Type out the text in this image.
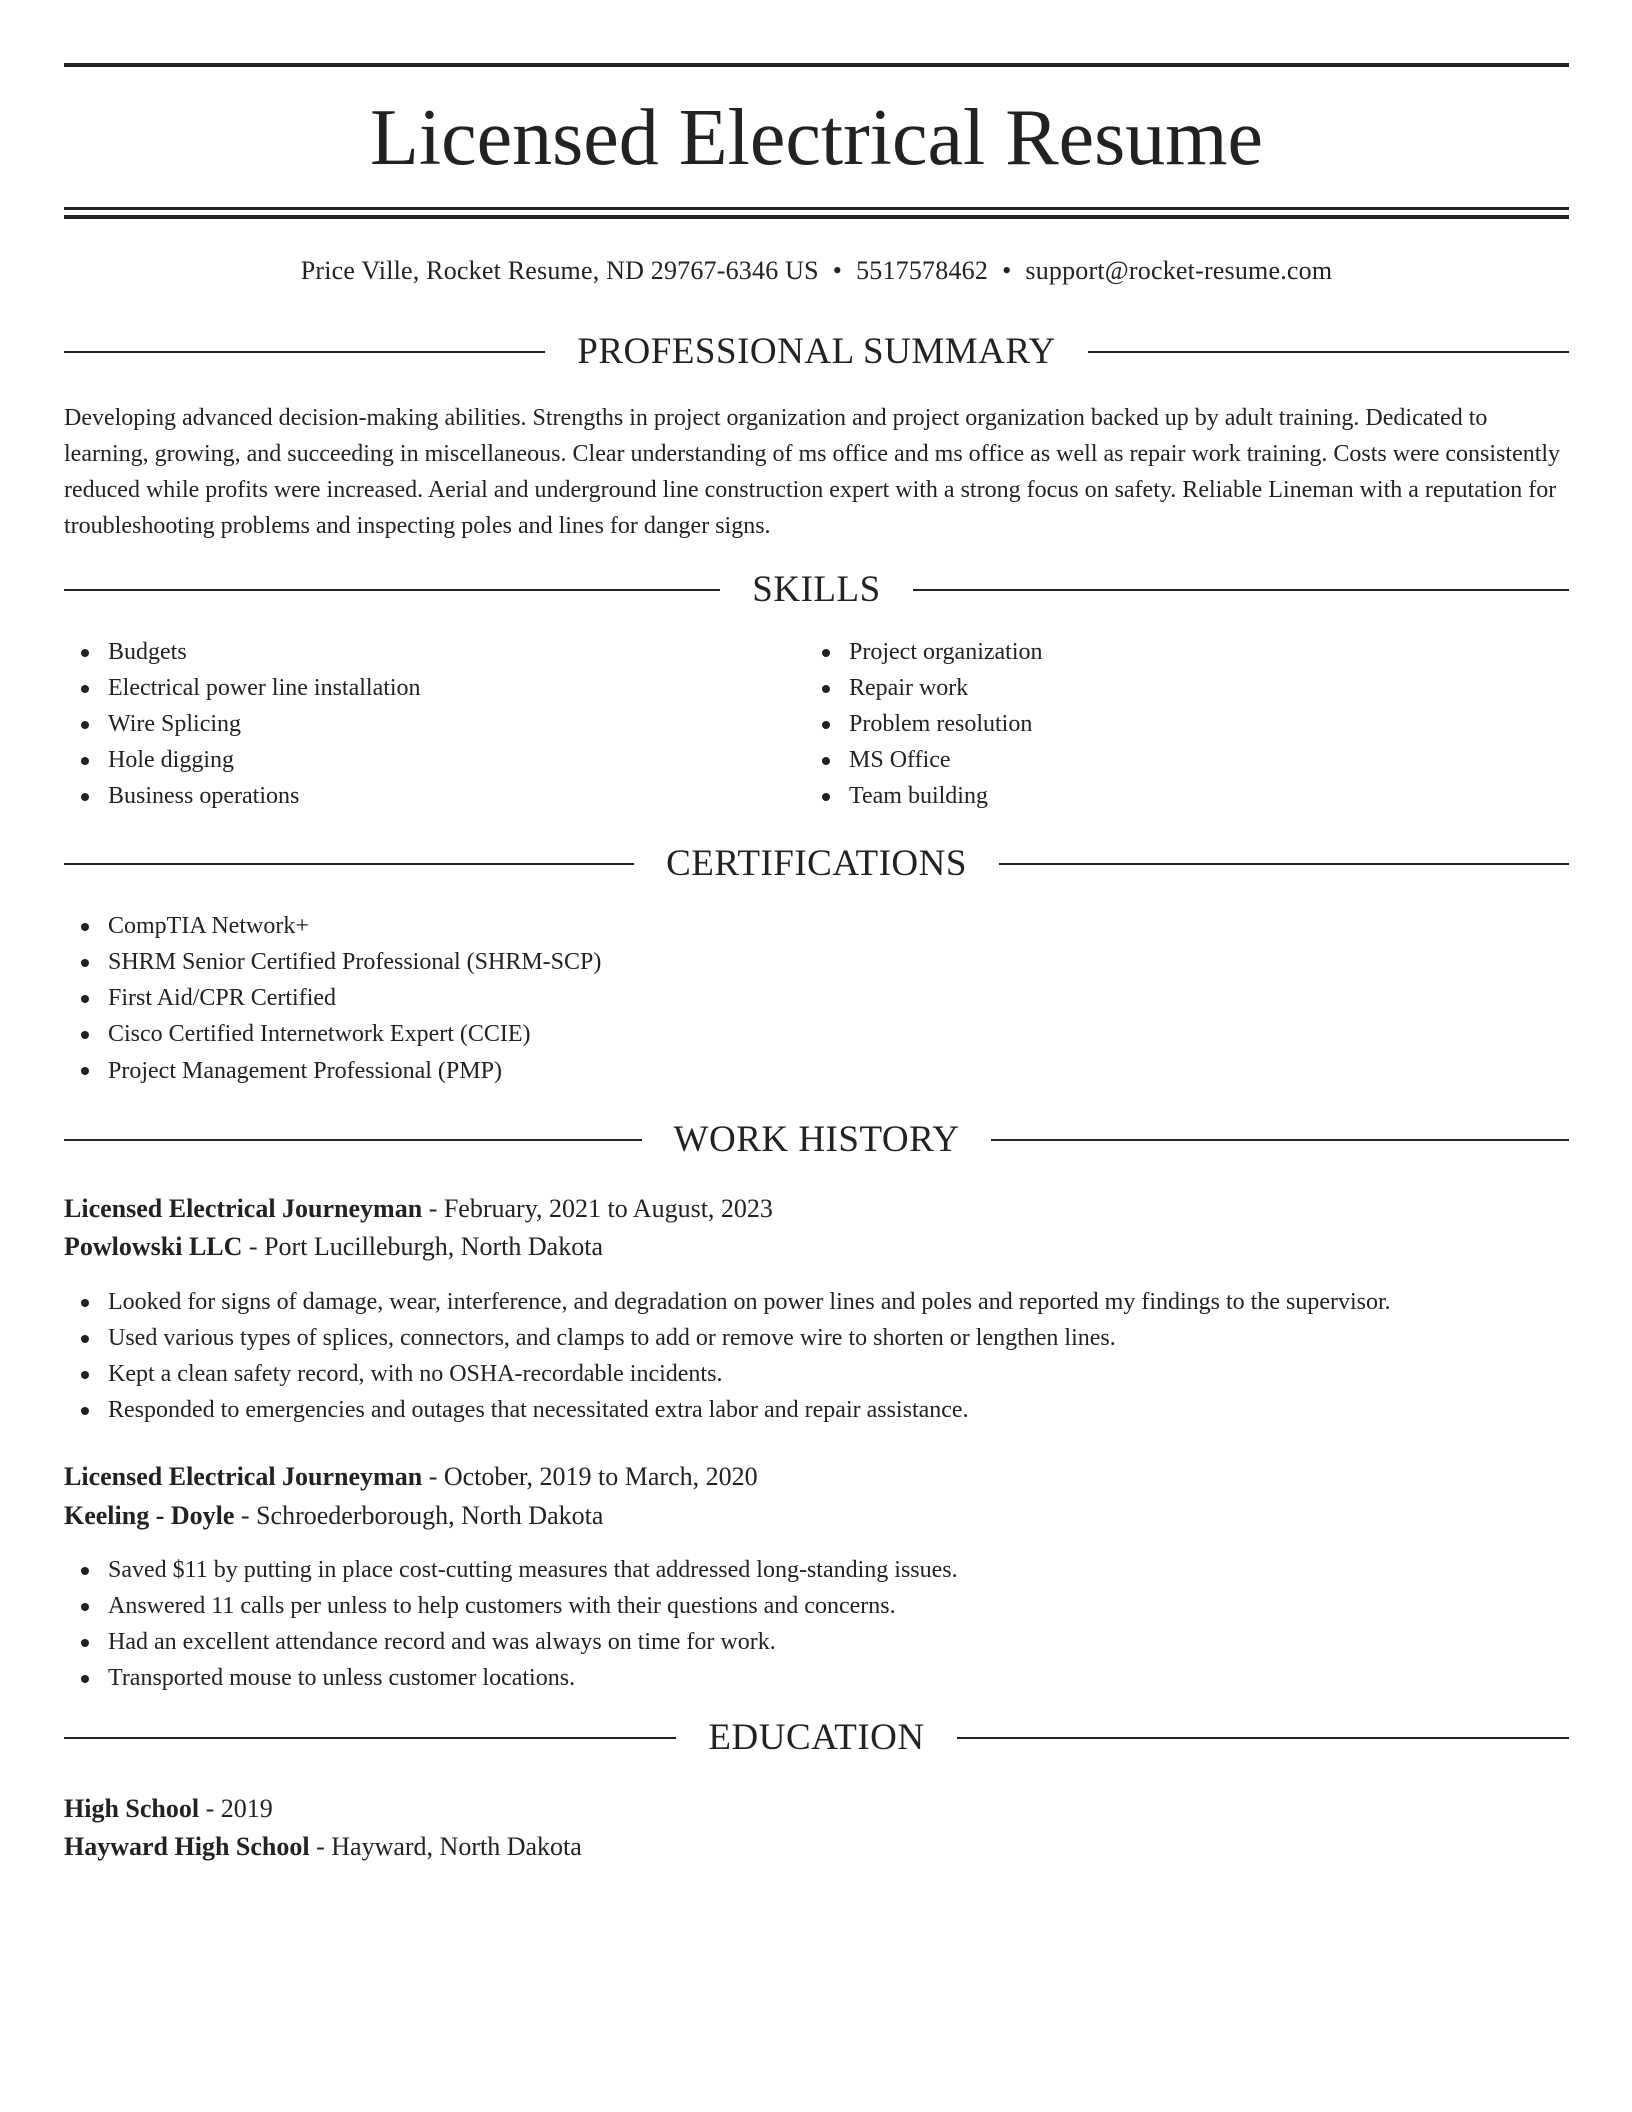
Licensed Electrical Resume
Price Ville, Rocket Resume, ND 29767-6346 US • 5517578462 • support@rocket-resume.com
PROFESSIONAL SUMMARY

Developing advanced decision-making abilities. Strengths in project organization and project organization backed up by adult training. Dedicated to learning, growing, and succeeding in miscellaneous. Clear understanding of ms office and ms office as well as repair work training. Costs were consistently reduced while profits were increased. Aerial and underground line construction expert with a strong focus on safety. Reliable Lineman with a reputation for troubleshooting problems and inspecting poles and lines for danger signs.

SKILLS
Budgets
Electrical power line installation
Wire Splicing
Hole digging
Business operations
Project organization
Repair work
Problem resolution
MS Office
Team building
CERTIFICATIONS
CompTIA Network+
SHRM Senior Certified Professional (SHRM-SCP)
First Aid/CPR Certified
Cisco Certified Internetwork Expert (CCIE)
Project Management Professional (PMP)
WORK HISTORY
Licensed Electrical Journeyman - February, 2021 to August, 2023
Powlowski LLC - Port Lucilleburgh, North Dakota
Looked for signs of damage, wear, interference, and degradation on power lines and poles and reported my findings to the supervisor.
Used various types of splices, connectors, and clamps to add or remove wire to shorten or lengthen lines.
Kept a clean safety record, with no OSHA-recordable incidents.
Responded to emergencies and outages that necessitated extra labor and repair assistance.
Licensed Electrical Journeyman - October, 2019 to March, 2020
Keeling - Doyle - Schroederborough, North Dakota
Saved $11 by putting in place cost-cutting measures that addressed long-standing issues.
Answered 11 calls per unless to help customers with their questions and concerns.
Had an excellent attendance record and was always on time for work.
Transported mouse to unless customer locations.
EDUCATION
High School - 2019
Hayward High School - Hayward, North Dakota
